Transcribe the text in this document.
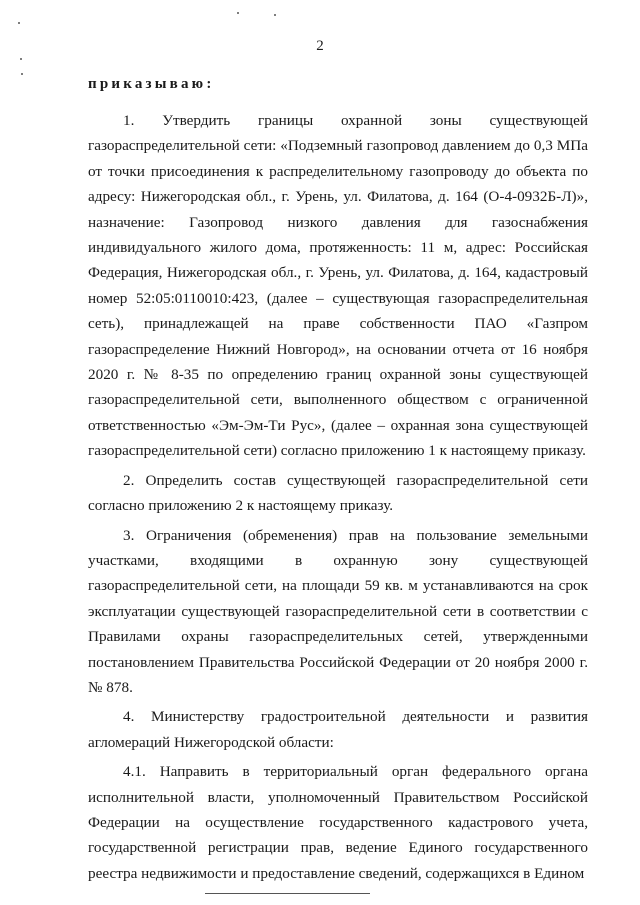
2
приказываю:

1. Утвердить границы охранной зоны существующей газораспределительной сети: «Подземный газопровод давлением до 0,3 МПа от точки присоединения к распределительному газопроводу до объекта по адресу: Нижегородская обл., г. Урень, ул. Филатова, д. 164 (О-4-0932Б-Л)», назначение: Газопровод низкого давления для газоснабжения индивидуального жилого дома, протяженность: 11 м, адрес: Российская Федерация, Нижегородская обл., г. Урень, ул. Филатова, д. 164, кадастровый номер 52:05:0110010:423, (далее – существующая газораспределительная сеть), принадлежащей на праве собственности ПАО «Газпром газораспределение Нижний Новгород», на основании отчета от 16 ноября 2020 г. № 8-35 по определению границ охранной зоны существующей газораспределительной сети, выполненного обществом с ограниченной ответственностью «Эм-Эм-Ти Рус», (далее – охранная зона существующей газораспределительной сети) согласно приложению 1 к настоящему приказу.

2. Определить состав существующей газораспределительной сети согласно приложению 2 к настоящему приказу.

3. Ограничения (обременения) прав на пользование земельными участками, входящими в охранную зону существующей газораспределительной сети, на площади 59 кв. м устанавливаются на срок эксплуатации существующей газораспределительной сети в соответствии с Правилами охраны газораспределительных сетей, утвержденными постановлением Правительства Российской Федерации от 20 ноября 2000 г. № 878.

4. Министерству градостроительной деятельности и развития агломераций Нижегородской области:

4.1. Направить в территориальный орган федерального органа исполнительной власти, уполномоченный Правительством Российской Федерации на осуществление государственного кадастрового учета, государственной регистрации прав, ведение Единого государственного реестра недвижимости и предоставление сведений, содержащихся в Едином
